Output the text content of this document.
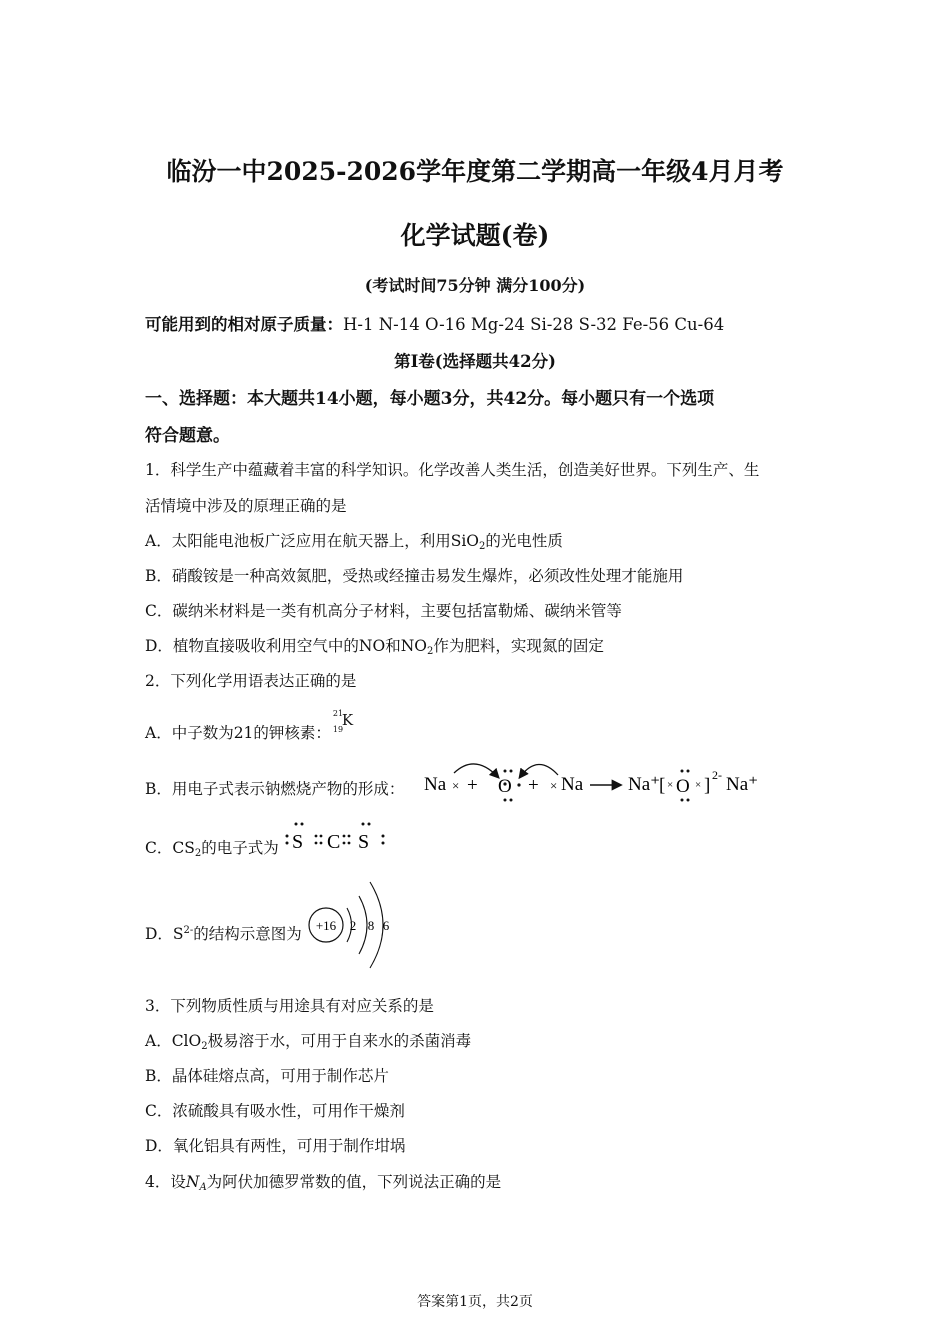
临汾一中2025-2026学年度第二学期高一年级4月月考
化学试题(卷)
(考试时间75分钟 满分100分)
可能用到的相对原子质量：H-1 N-14 O-16 Mg-24 Si-28 S-32 Fe-56 Cu-64
第Ⅰ卷(选择题共42分)
一、选择题：本大题共14小题，每小题3分，共42分。每小题只有一个选项
符合题意。
1．科学生产中蕴藏着丰富的科学知识。化学改善人类生活，创造美好世界。下列生产、生
活情境中涉及的原理正确的是
A．太阳能电池板广泛应用在航天器上，利用SiO$_2$的光电性质
B．硝酸铵是一种高效氮肥，受热或经撞击易发生爆炸，必须改性处理才能施用
C．碳纳米材料是一类有机高分子材料，主要包括富勒烯、碳纳米管等
D．植物直接吸收利用空气中的NO和$NO_2$作为肥料，实现氮的固定
2．下列化学用语表达正确的是
A．中子数为21的钾核素：
21
19
K
B．用电子式表示钠燃烧产物的形成： Na × + O + × Na Na⁺
[ × O × ] 2- Na⁺
C．$CS_2$的电子式为 S C S
D．$S^{2-}$的结构示意图为 +16 2 8 6
3．下列物质性质与用途具有对应关系的是
A．ClO$_2$极易溶于水，可用于自来水的杀菌消毒
B．晶体硅熔点高，可用于制作芯片
C．浓硫酸具有吸水性，可用作干燥剂
D．氧化铝具有两性，可用于制作坩埚
4．设$N_A$为阿伏加德罗常数的值，下列说法正确的是
答案第1页，共2页
